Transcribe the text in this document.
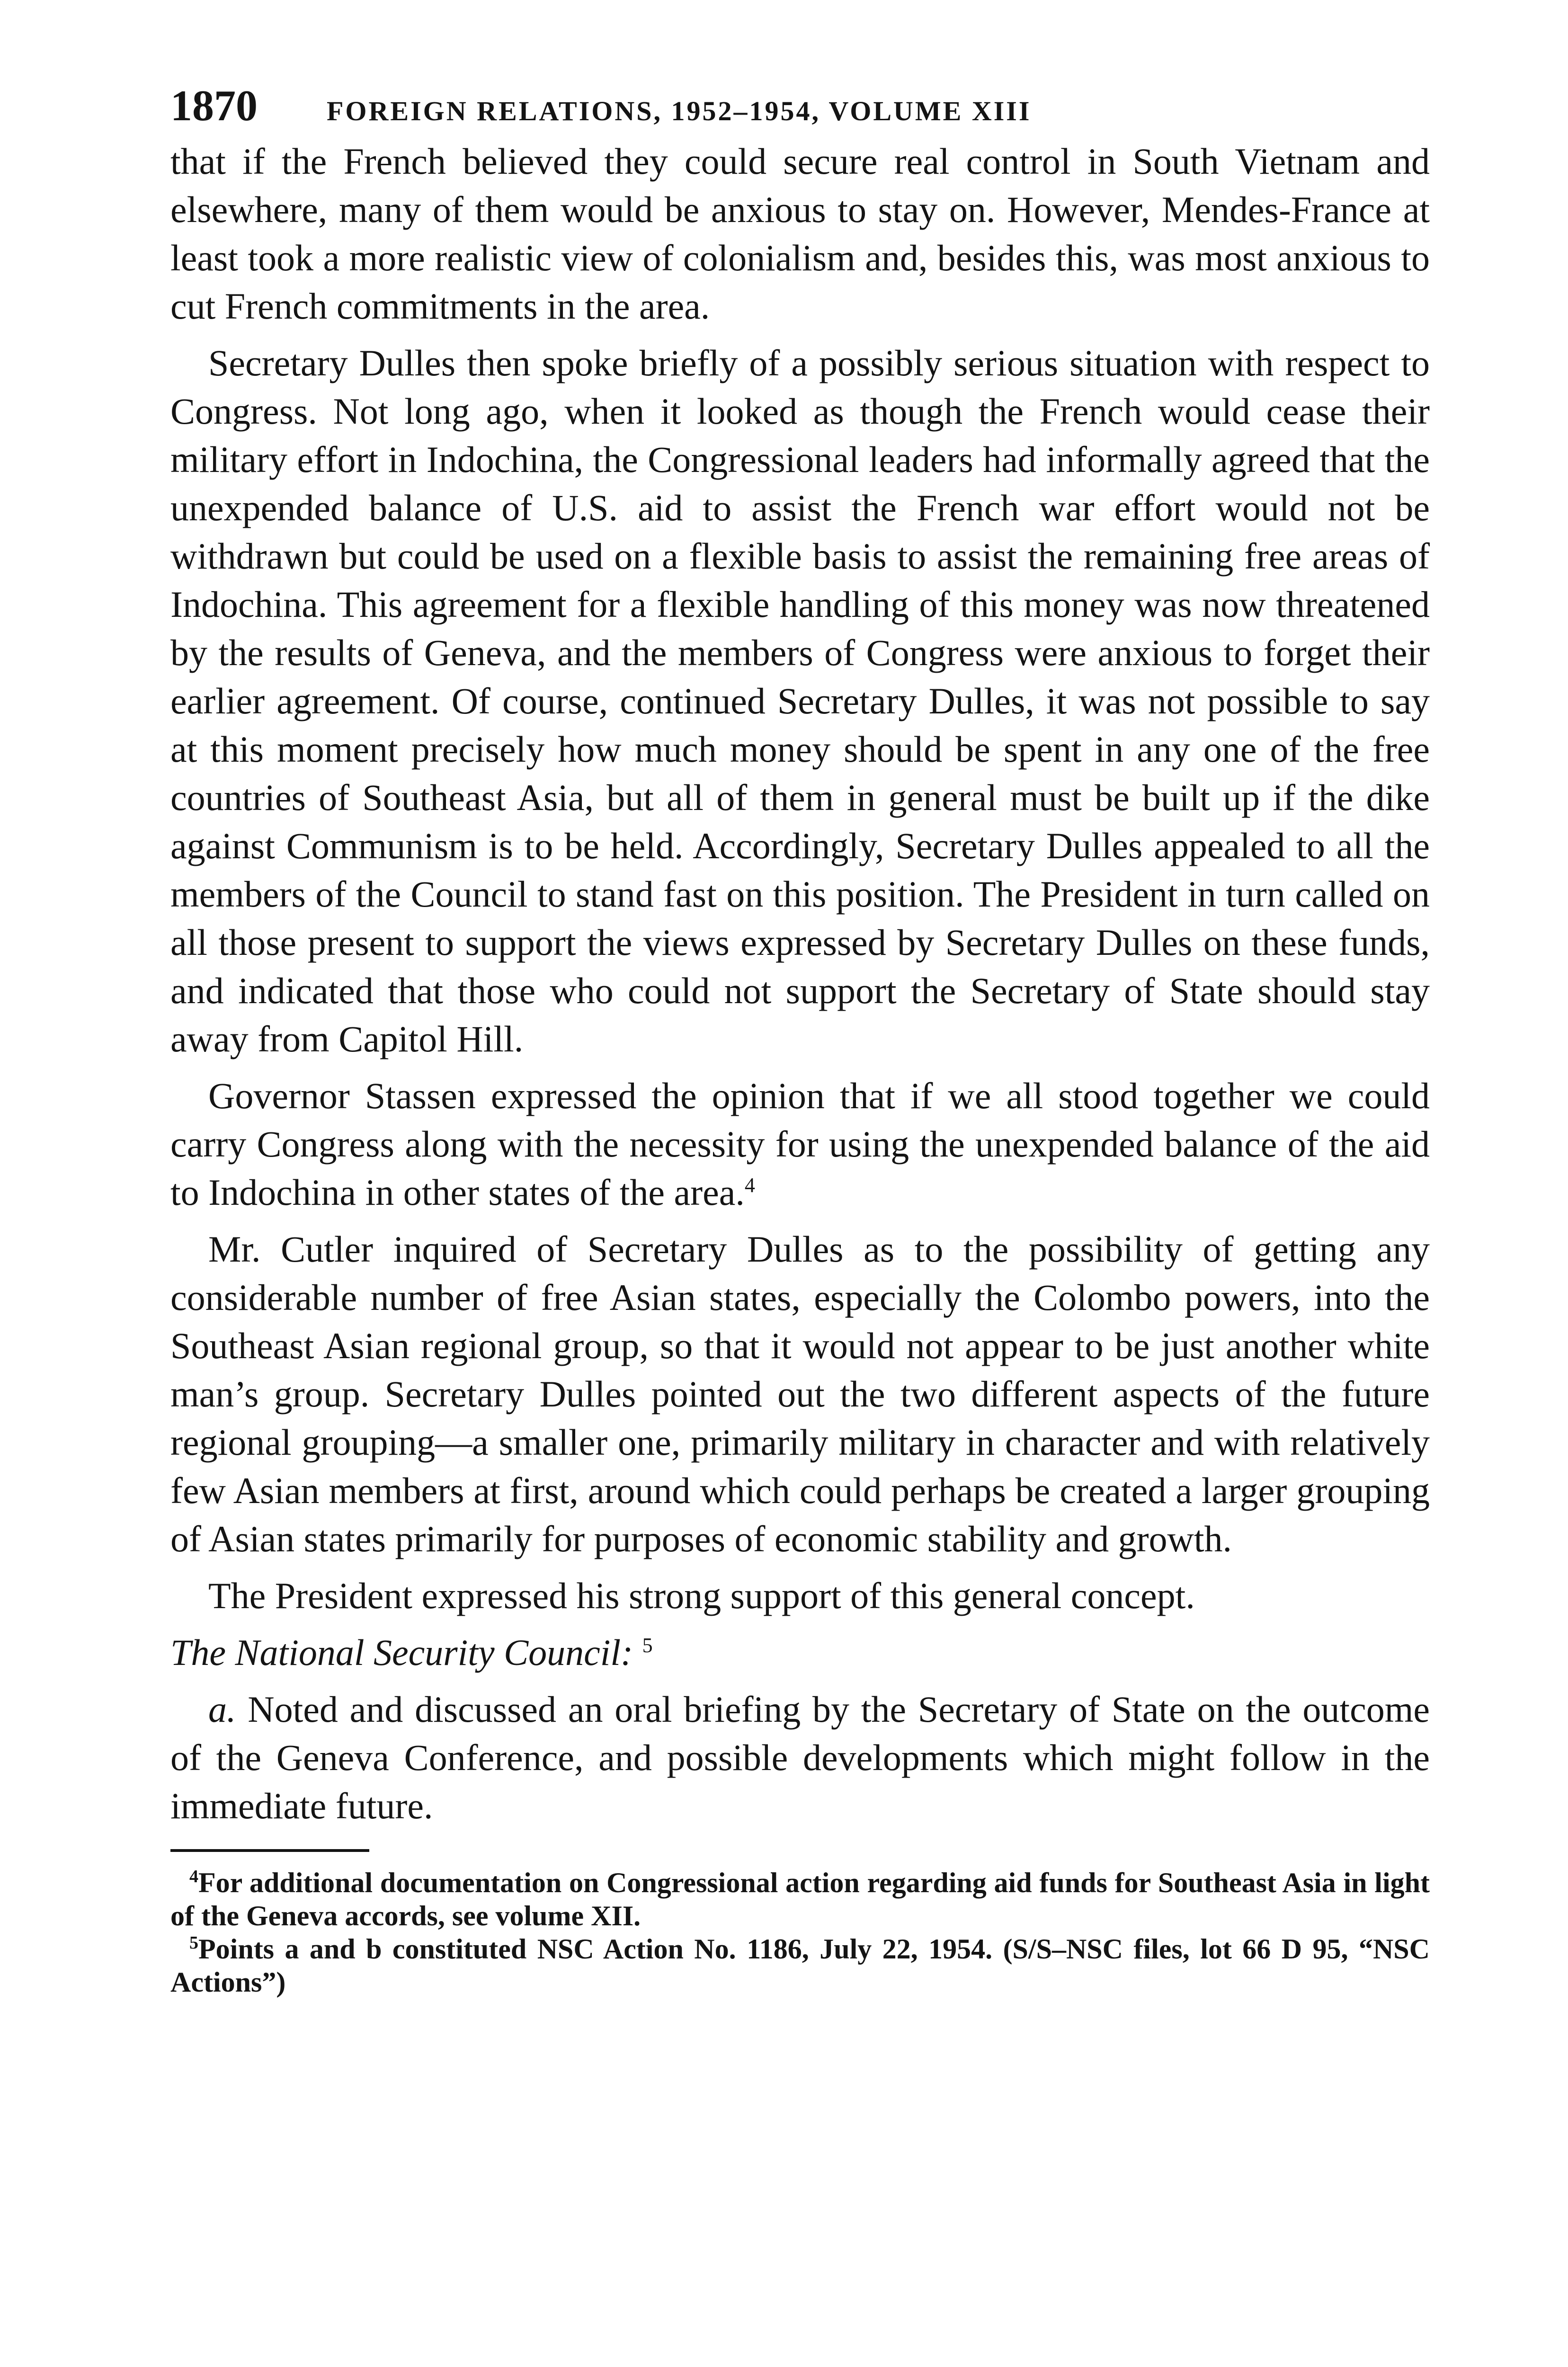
1870	FOREIGN RELATIONS, 1952–1954, VOLUME XIII

that if the French believed they could secure real control in South Vietnam and elsewhere, many of them would be anxious to stay on. However, Mendes-France at least took a more realistic view of colonialism and, besides this, was most anxious to cut French commitments in the area.

Secretary Dulles then spoke briefly of a possibly serious situation with respect to Congress. Not long ago, when it looked as though the French would cease their military effort in Indochina, the Congressional leaders had informally agreed that the unexpended balance of U.S. aid to assist the French war effort would not be withdrawn but could be used on a flexible basis to assist the remaining free areas of Indochina. This agreement for a flexible handling of this money was now threatened by the results of Geneva, and the members of Congress were anxious to forget their earlier agreement. Of course, continued Secretary Dulles, it was not possible to say at this moment precisely how much money should be spent in any one of the free countries of Southeast Asia, but all of them in general must be built up if the dike against Communism is to be held. Accordingly, Secretary Dulles appealed to all the members of the Council to stand fast on this position. The President in turn called on all those present to support the views expressed by Secretary Dulles on these funds, and indicated that those who could not support the Secretary of State should stay away from Capitol Hill.

Governor Stassen expressed the opinion that if we all stood together we could carry Congress along with the necessity for using the unexpended balance of the aid to Indochina in other states of the area.$^4$

Mr. Cutler inquired of Secretary Dulles as to the possibility of getting any considerable number of free Asian states, especially the Colombo powers, into the Southeast Asian regional group, so that it would not appear to be just another white man’s group. Secretary Dulles pointed out the two different aspects of the future regional grouping—a smaller one, primarily military in character and with relatively few Asian members at first, around which could perhaps be created a larger grouping of Asian states primarily for purposes of economic stability and growth.

The President expressed his strong support of this general concept.

The National Security Council: $^5$

a. Noted and discussed an oral briefing by the Secretary of State on the outcome of the Geneva Conference, and possible developments which might follow in the immediate future.

$^4$For additional documentation on Congressional action regarding aid funds for Southeast Asia in light of the Geneva accords, see volume XII.

$^5$Points a and b constituted NSC Action No. 1186, July 22, 1954. (S/S–NSC files, lot 66 D 95, “NSC Actions”)
